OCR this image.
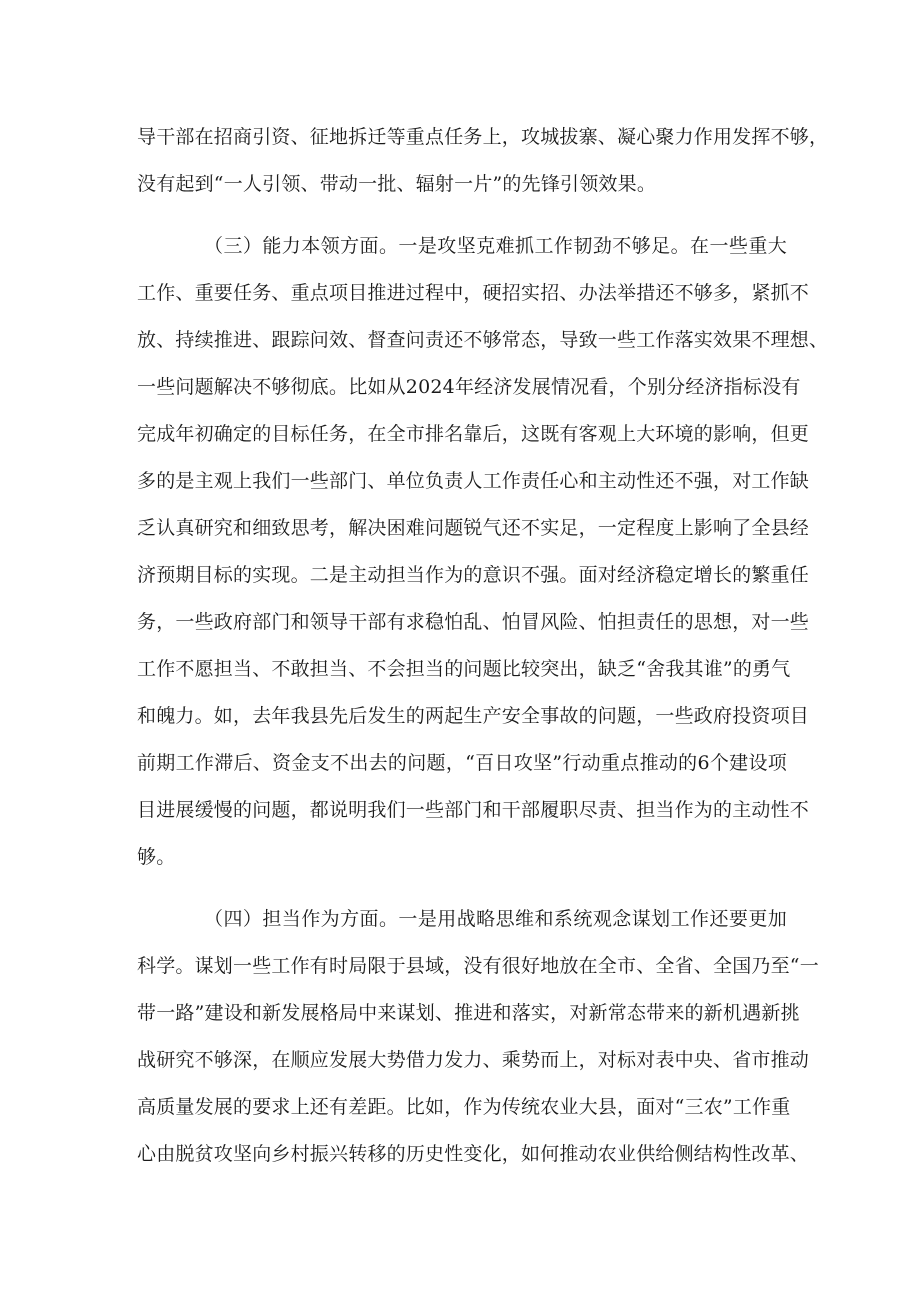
导干部在招商引资、征地拆迁等重点任务上，攻城拔寨、凝心聚力作用发挥不够，
没有起到“一人引领、带动一批、辐射一片”的先锋引领效果。
（三）能力本领方面。一是攻坚克难抓工作韧劲不够足。在一些重大
工作、重要任务、重点项目推进过程中，硬招实招、办法举措还不够多，紧抓不
放、持续推进、跟踪问效、督查问责还不够常态，导致一些工作落实效果不理想、
一些问题解决不够彻底。比如从2024年经济发展情况看，个别分经济指标没有
完成年初确定的目标任务，在全市排名靠后，这既有客观上大环境的影响，但更
多的是主观上我们一些部门、单位负责人工作责任心和主动性还不强，对工作缺
乏认真研究和细致思考，解决困难问题锐气还不实足，一定程度上影响了全县经
济预期目标的实现。二是主动担当作为的意识不强。面对经济稳定增长的繁重任
务，一些政府部门和领导干部有求稳怕乱、怕冒风险、怕担责任的思想，对一些
工作不愿担当、不敢担当、不会担当的问题比较突出，缺乏“舍我其谁”的勇气
和魄力。如，去年我县先后发生的两起生产安全事故的问题，一些政府投资项目
前期工作滞后、资金支不出去的问题，“百日攻坚”行动重点推动的6个建设项
目进展缓慢的问题，都说明我们一些部门和干部履职尽责、担当作为的主动性不
够。
（四）担当作为方面。一是用战略思维和系统观念谋划工作还要更加
科学。谋划一些工作有时局限于县域，没有很好地放在全市、全省、全国乃至“一
带一路”建设和新发展格局中来谋划、推进和落实，对新常态带来的新机遇新挑
战研究不够深，在顺应发展大势借力发力、乘势而上，对标对表中央、省市推动
高质量发展的要求上还有差距。比如，作为传统农业大县，面对“三农”工作重
心由脱贫攻坚向乡村振兴转移的历史性变化，如何推动农业供给侧结构性改革、
